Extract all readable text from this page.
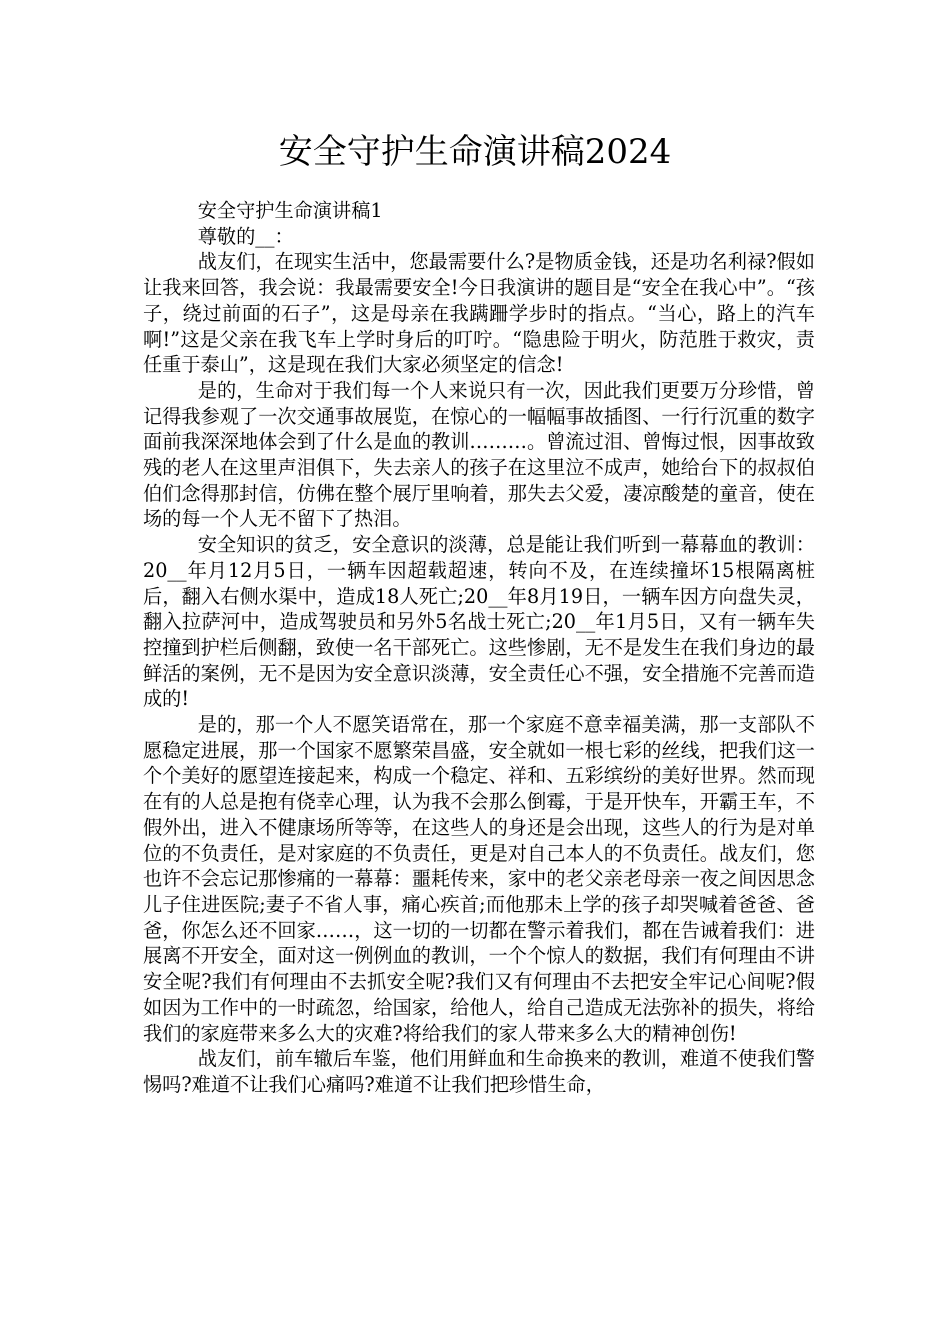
安全守护生命演讲稿2024

安全守护生命演讲稿1

尊敬的__：

战友们，在现实生活中，您最需要什么?是物质金钱，还是功名利禄?假如让我来回答，我会说：我最需要安全!今日我演讲的题目是“安全在我心中”。“孩子，绕过前面的石子”，这是母亲在我蹒跚学步时的指点。“当心，路上的汽车啊!”这是父亲在我飞车上学时身后的叮咛。“隐患险于明火，防范胜于救灾，责任重于泰山”，这是现在我们大家必须坚定的信念!

是的，生命对于我们每一个人来说只有一次，因此我们更要万分珍惜，曾记得我参观了一次交通事故展览，在惊心的一幅幅事故插图、一行行沉重的数字面前我深深地体会到了什么是血的教训………。曾流过泪、曾悔过恨，因事故致残的老人在这里声泪俱下，失去亲人的孩子在这里泣不成声，她给台下的叔叔伯伯们念得那封信，仿佛在整个展厅里响着，那失去父爱，凄凉酸楚的童音，使在场的每一个人无不留下了热泪。

安全知识的贫乏，安全意识的淡薄，总是能让我们听到一幕幕血的教训：20__年月12月5日，一辆车因超载超速，转向不及，在连续撞坏15根隔离桩后，翻入右侧水渠中，造成18人死亡;20__年8月19日，一辆车因方向盘失灵，翻入拉萨河中，造成驾驶员和另外5名战士死亡;20__年1月5日，又有一辆车失控撞到护栏后侧翻，致使一名干部死亡。这些惨剧，无不是发生在我们身边的最鲜活的案例，无不是因为安全意识淡薄，安全责任心不强，安全措施不完善而造成的!

是的，那一个人不愿笑语常在，那一个家庭不意幸福美满，那一支部队不愿稳定进展，那一个国家不愿繁荣昌盛，安全就如一根七彩的丝线，把我们这一个个美好的愿望连接起来，构成一个稳定、祥和、五彩缤纷的美好世界。然而现在有的人总是抱有侥幸心理，认为我不会那么倒霉，于是开快车，开霸王车，不假外出，进入不健康场所等等，在这些人的身还是会出现，这些人的行为是对单位的不负责任，是对家庭的不负责任，更是对自己本人的不负责任。战友们，您也许不会忘记那惨痛的一幕幕：噩耗传来，家中的老父亲老母亲一夜之间因思念儿子住进医院;妻子不省人事，痛心疾首;而他那未上学的孩子却哭喊着爸爸、爸爸，你怎么还不回家……，这一切的一切都在警示着我们，都在告诫着我们：进展离不开安全，面对这一例例血的教训，一个个惊人的数据，我们有何理由不讲安全呢?我们有何理由不去抓安全呢?我们又有何理由不去把安全牢记心间呢?假如因为工作中的一时疏忽，给国家，给他人，给自己造成无法弥补的损失，将给我们的家庭带来多么大的灾难?将给我们的家人带来多么大的精神创伤!

战友们，前车辙后车鉴，他们用鲜血和生命换来的教训，难道不使我们警惕吗?难道不让我们心痛吗?难道不让我们把珍惜生命，
